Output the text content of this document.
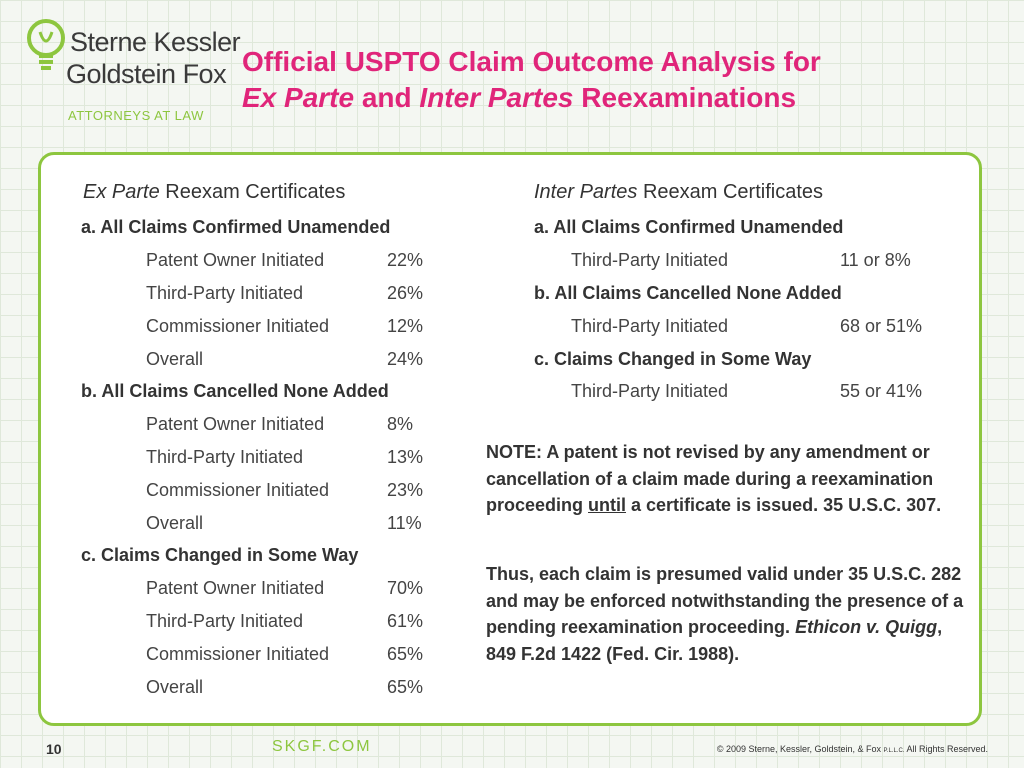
Sterne Kessler
Goldstein Fox
ATTORNEYS AT LAW
Official USPTO Claim Outcome Analysis for
Ex Parte and Inter Partes Reexaminations
Ex Parte Reexam Certificates
a. All Claims Confirmed Unamended
Patent Owner Initiated	22%
Third-Party Initiated	26%
Commissioner Initiated	12%
Overall	24%
b. All Claims Cancelled None Added
Patent Owner Initiated	8%
Third-Party Initiated	13%
Commissioner Initiated	23%
Overall	11%
c. Claims Changed in Some Way
Patent Owner Initiated	70%
Third-Party Initiated	61%
Commissioner Initiated	65%
Overall	65%
Inter Partes Reexam Certificates
a. All Claims Confirmed Unamended
Third-Party Initiated	11 or 8%
b. All Claims Cancelled None Added
Third-Party Initiated	68 or 51%
c. Claims Changed in Some Way
Third-Party Initiated	55 or 41%
NOTE: A patent is not revised by any amendment or cancellation of a claim made during a reexamination proceeding until a certificate is issued. 35 U.S.C. 307.
Thus, each claim is presumed valid under 35 U.S.C. 282 and may be enforced notwithstanding the presence of a pending reexamination proceeding. Ethicon v. Quigg, 849 F.2d 1422 (Fed. Cir. 1988).
10	SKGF.COM	© 2009 Sterne, Kessler, Goldstein, & Fox P.L.L.C. All Rights Reserved.
